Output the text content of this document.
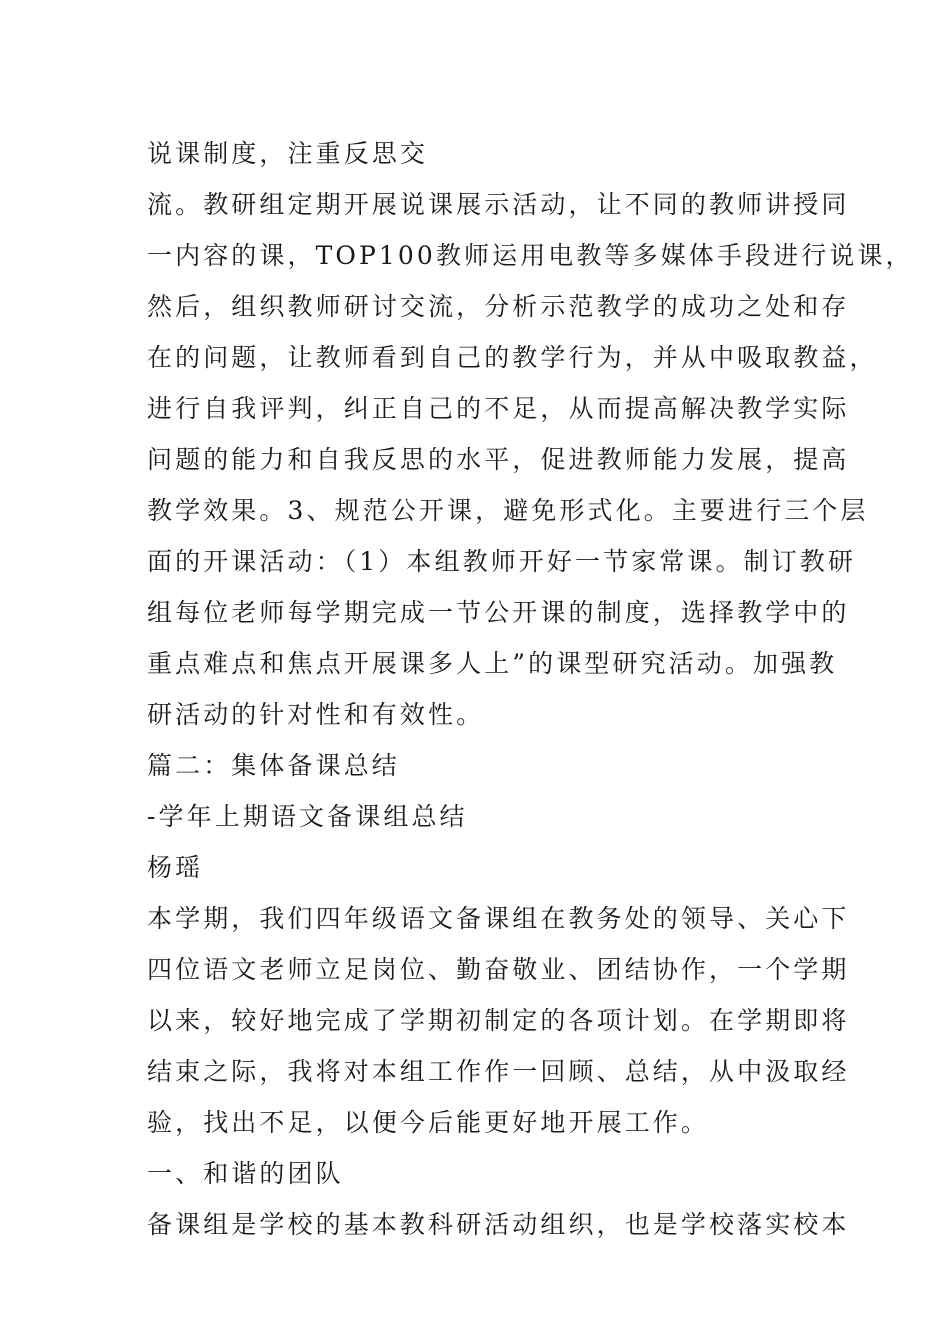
说课制度，注重反思交
流。教研组定期开展说课展示活动，让不同的教师讲授同
一内容的课，TOP100教师运用电教等多媒体手段进行说课，
然后，组织教师研讨交流，分析示范教学的成功之处和存
在的问题，让教师看到自己的教学行为，并从中吸取教益，
进行自我评判，纠正自己的不足，从而提高解决教学实际
问题的能力和自我反思的水平，促进教师能力发展，提高
教学效果。3、规范公开课，避免形式化。主要进行三个层
面的开课活动：（1）本组教师开好一节家常课。制订教研
组每位老师每学期完成一节公开课的制度，选择教学中的
重点难点和焦点开展课多人上”的课型研究活动。加强教
研活动的针对性和有效性。
篇二：集体备课总结
-学年上期语文备课组总结
杨瑶
本学期，我们四年级语文备课组在教务处的领导、关心下
四位语文老师立足岗位、勤奋敬业、团结协作，一个学期
以来，较好地完成了学期初制定的各项计划。在学期即将
结束之际，我将对本组工作作一回顾、总结，从中汲取经
验，找出不足，以便今后能更好地开展工作。
一、和谐的团队
备课组是学校的基本教科研活动组织，也是学校落实校本
